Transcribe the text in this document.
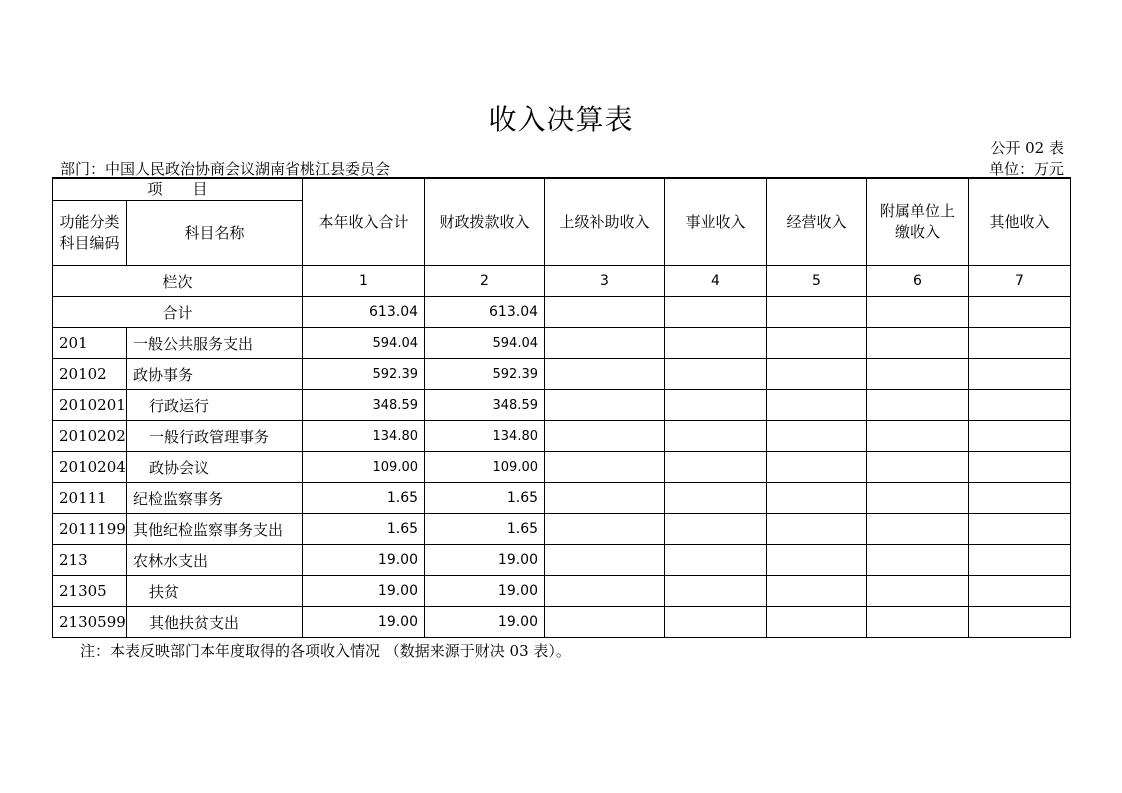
收入决算表
公开 02 表
部门：中国人民政治协商会议湖南省桃江县委员会	单位：万元
项　　目		本年收入合计	财政拨款收入	上级补助收入	事业收入	经营收入	附属单位上缴收入	其他收入
功能分类科目编码	科目名称							
栏次		1	2	3	4	5	6	7
合计		613.04	613.04					
201	一般公共服务支出	594.04	594.04					
20102	政协事务	592.39	592.39					
2010201	行政运行	348.59	348.59					
2010202	一般行政管理事务	134.80	134.80					
2010204	政协会议	109.00	109.00					
20111	纪检监察事务	1.65	1.65					
2011199	其他纪检监察事务支出	1.65	1.65					
213	农林水支出	19.00	19.00					
21305	扶贫	19.00	19.00					
2130599	其他扶贫支出	19.00	19.00					
注：本表反映部门本年度取得的各项收入情况 （数据来源于财决 03 表）。
